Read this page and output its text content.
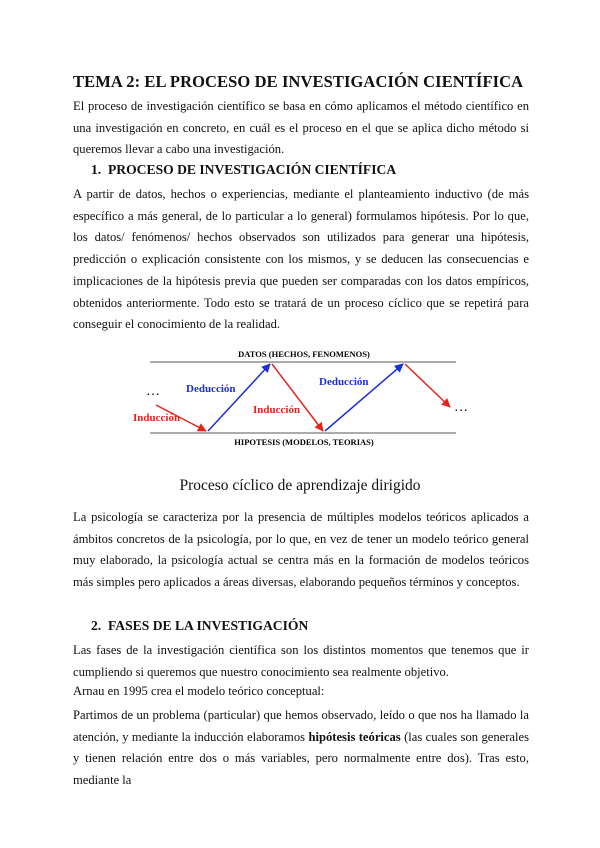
TEMA 2: EL PROCESO DE INVESTIGACIÓN CIENTÍFICA
El proceso de investigación científico se basa en cómo aplicamos el método científico en una investigación en concreto, en cuál es el proceso en el que se aplica dicho método si queremos llevar a cabo una investigación.
1.  PROCESO DE INVESTIGACIÓN CIENTÍFICA
A partir de datos, hechos o experiencias, mediante el planteamiento inductivo (de más específico a más general, de lo particular a lo general) formulamos hipótesis. Por lo que, los datos/ fenómenos/ hechos observados son utilizados para generar una hipótesis, predicción o explicación consistente con los mismos, y se deducen las consecuencias e implicaciones de la hipótesis previa que pueden ser comparadas con los datos empíricos, obtenidos anteriormente. Todo esto se tratará de un proceso cíclico que se repetirá para conseguir el conocimiento de la realidad.
DATOS (HECHOS, FENOMENOS)
HIPOTESIS (MODELOS, TEORIAS)
…
Inducción
Deducción
Inducción
Deducción
…
Proceso cíclico de aprendizaje dirigido
La psicología se caracteriza por la presencia de múltiples modelos teóricos aplicados a ámbitos concretos de la psicología, por lo que, en vez de tener un modelo teórico general muy elaborado, la psicología actual se centra más en la formación de modelos teóricos más simples pero aplicados a áreas diversas, elaborando pequeños términos y conceptos.
2.  FASES DE LA INVESTIGACIÓN
Las fases de la investigación científica son los distintos momentos que tenemos que ir cumpliendo si queremos que nuestro conocimiento sea realmente objetivo.
Arnau en 1995 crea el modelo teórico conceptual:
Partimos de un problema (particular) que hemos observado, leído o que nos ha llamado la atención, y mediante la inducción elaboramos hipótesis teóricas (las cuales son generales y tienen relación entre dos o más variables, pero normalmente entre dos). Tras esto, mediante la
